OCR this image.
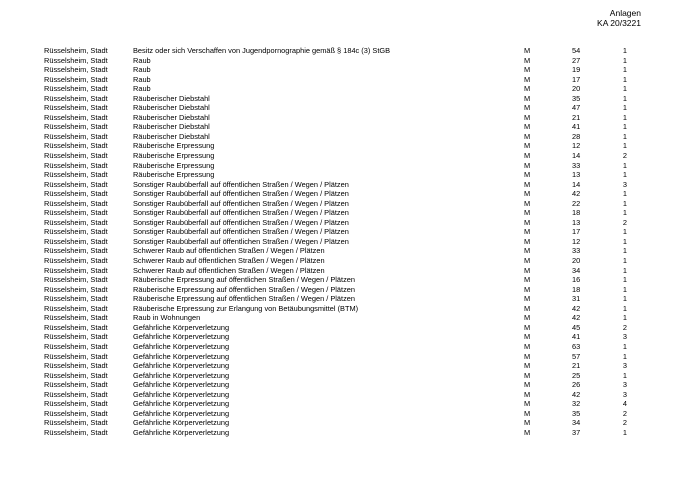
Anlagen
KA 20/3221
Rüsselsheim, Stadt	Besitz oder sich Verschaffen von Jugendpornographie gemäß § 184c (3) StGB	M	54	1
Rüsselsheim, Stadt	Raub	M	27	1
Rüsselsheim, Stadt	Raub	M	19	1
Rüsselsheim, Stadt	Raub	M	17	1
Rüsselsheim, Stadt	Raub	M	20	1
Rüsselsheim, Stadt	Räuberischer Diebstahl	M	35	1
Rüsselsheim, Stadt	Räuberischer Diebstahl	M	47	1
Rüsselsheim, Stadt	Räuberischer Diebstahl	M	21	1
Rüsselsheim, Stadt	Räuberischer Diebstahl	M	41	1
Rüsselsheim, Stadt	Räuberischer Diebstahl	M	28	1
Rüsselsheim, Stadt	Räuberische Erpressung	M	12	1
Rüsselsheim, Stadt	Räuberische Erpressung	M	14	2
Rüsselsheim, Stadt	Räuberische Erpressung	M	33	1
Rüsselsheim, Stadt	Räuberische Erpressung	M	13	1
Rüsselsheim, Stadt	Sonstiger Raubüberfall auf öffentlichen Straßen / Wegen / Plätzen	M	14	3
Rüsselsheim, Stadt	Sonstiger Raubüberfall auf öffentlichen Straßen / Wegen / Plätzen	M	42	1
Rüsselsheim, Stadt	Sonstiger Raubüberfall auf öffentlichen Straßen / Wegen / Plätzen	M	22	1
Rüsselsheim, Stadt	Sonstiger Raubüberfall auf öffentlichen Straßen / Wegen / Plätzen	M	18	1
Rüsselsheim, Stadt	Sonstiger Raubüberfall auf öffentlichen Straßen / Wegen / Plätzen	M	13	2
Rüsselsheim, Stadt	Sonstiger Raubüberfall auf öffentlichen Straßen / Wegen / Plätzen	M	17	1
Rüsselsheim, Stadt	Sonstiger Raubüberfall auf öffentlichen Straßen / Wegen / Plätzen	M	12	1
Rüsselsheim, Stadt	Schwerer Raub auf öffentlichen Straßen / Wegen / Plätzen	M	33	1
Rüsselsheim, Stadt	Schwerer Raub auf öffentlichen Straßen / Wegen / Plätzen	M	20	1
Rüsselsheim, Stadt	Schwerer Raub auf öffentlichen Straßen / Wegen / Plätzen	M	34	1
Rüsselsheim, Stadt	Räuberische Erpressung auf öffentlichen Straßen / Wegen / Plätzen	M	16	1
Rüsselsheim, Stadt	Räuberische Erpressung auf öffentlichen Straßen / Wegen / Plätzen	M	18	1
Rüsselsheim, Stadt	Räuberische Erpressung auf öffentlichen Straßen / Wegen / Plätzen	M	31	1
Rüsselsheim, Stadt	Räuberische Erpressung zur Erlangung von Betäubungsmittel (BTM)	M	42	1
Rüsselsheim, Stadt	Raub in Wohnungen	M	42	1
Rüsselsheim, Stadt	Gefährliche Körperverletzung	M	45	2
Rüsselsheim, Stadt	Gefährliche Körperverletzung	M	41	3
Rüsselsheim, Stadt	Gefährliche Körperverletzung	M	63	1
Rüsselsheim, Stadt	Gefährliche Körperverletzung	M	57	1
Rüsselsheim, Stadt	Gefährliche Körperverletzung	M	21	3
Rüsselsheim, Stadt	Gefährliche Körperverletzung	M	25	1
Rüsselsheim, Stadt	Gefährliche Körperverletzung	M	26	3
Rüsselsheim, Stadt	Gefährliche Körperverletzung	M	42	3
Rüsselsheim, Stadt	Gefährliche Körperverletzung	M	32	4
Rüsselsheim, Stadt	Gefährliche Körperverletzung	M	35	2
Rüsselsheim, Stadt	Gefährliche Körperverletzung	M	34	2
Rüsselsheim, Stadt	Gefährliche Körperverletzung	M	37	1
